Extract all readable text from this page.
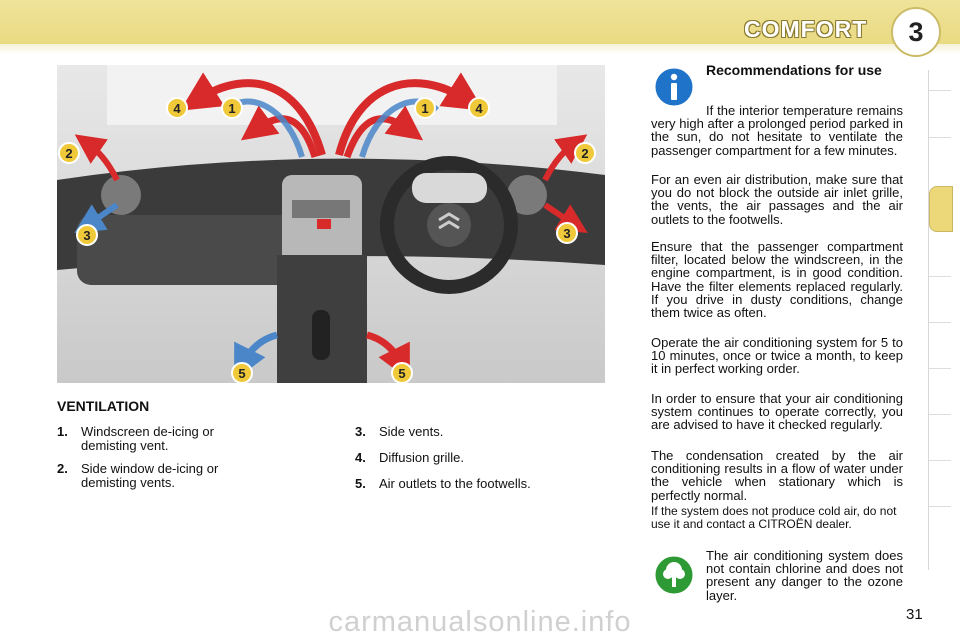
COMFORT	3
4	1	1	4
2	2
3	3
5	5
VENTILATION
1. Windscreen de-icing or demisting vent.
2. Side window de-icing or demisting vents.
3. Side vents.
4. Diffusion grille.
5. Air outlets to the footwells.
Recommendations for use
If the interior temperature remains very high after a prolonged period parked in the sun, do not hesitate to ventilate the passenger compartment for a few minutes.
For an even air distribution, make sure that you do not block the outside air inlet grille, the vents, the air passages and the air outlets to the footwells.
Ensure that the passenger compartment filter, located below the windscreen, in the engine compartment, is in good condition. Have the filter elements replaced regularly. If you drive in dusty conditions, change them twice as often.
Operate the air conditioning system for 5 to 10 minutes, once or twice a month, to keep it in perfect working order.
In order to ensure that your air conditioning system continues to operate correctly, you are advised to have it checked regularly.
The condensation created by the air conditioning results in a flow of water under the vehicle when stationary which is perfectly normal.
If the system does not produce cold air, do not use it and contact a CITROËN dealer.
The air conditioning system does not contain chlorine and does not present any danger to the ozone layer.
carmanualsonline.info	31
